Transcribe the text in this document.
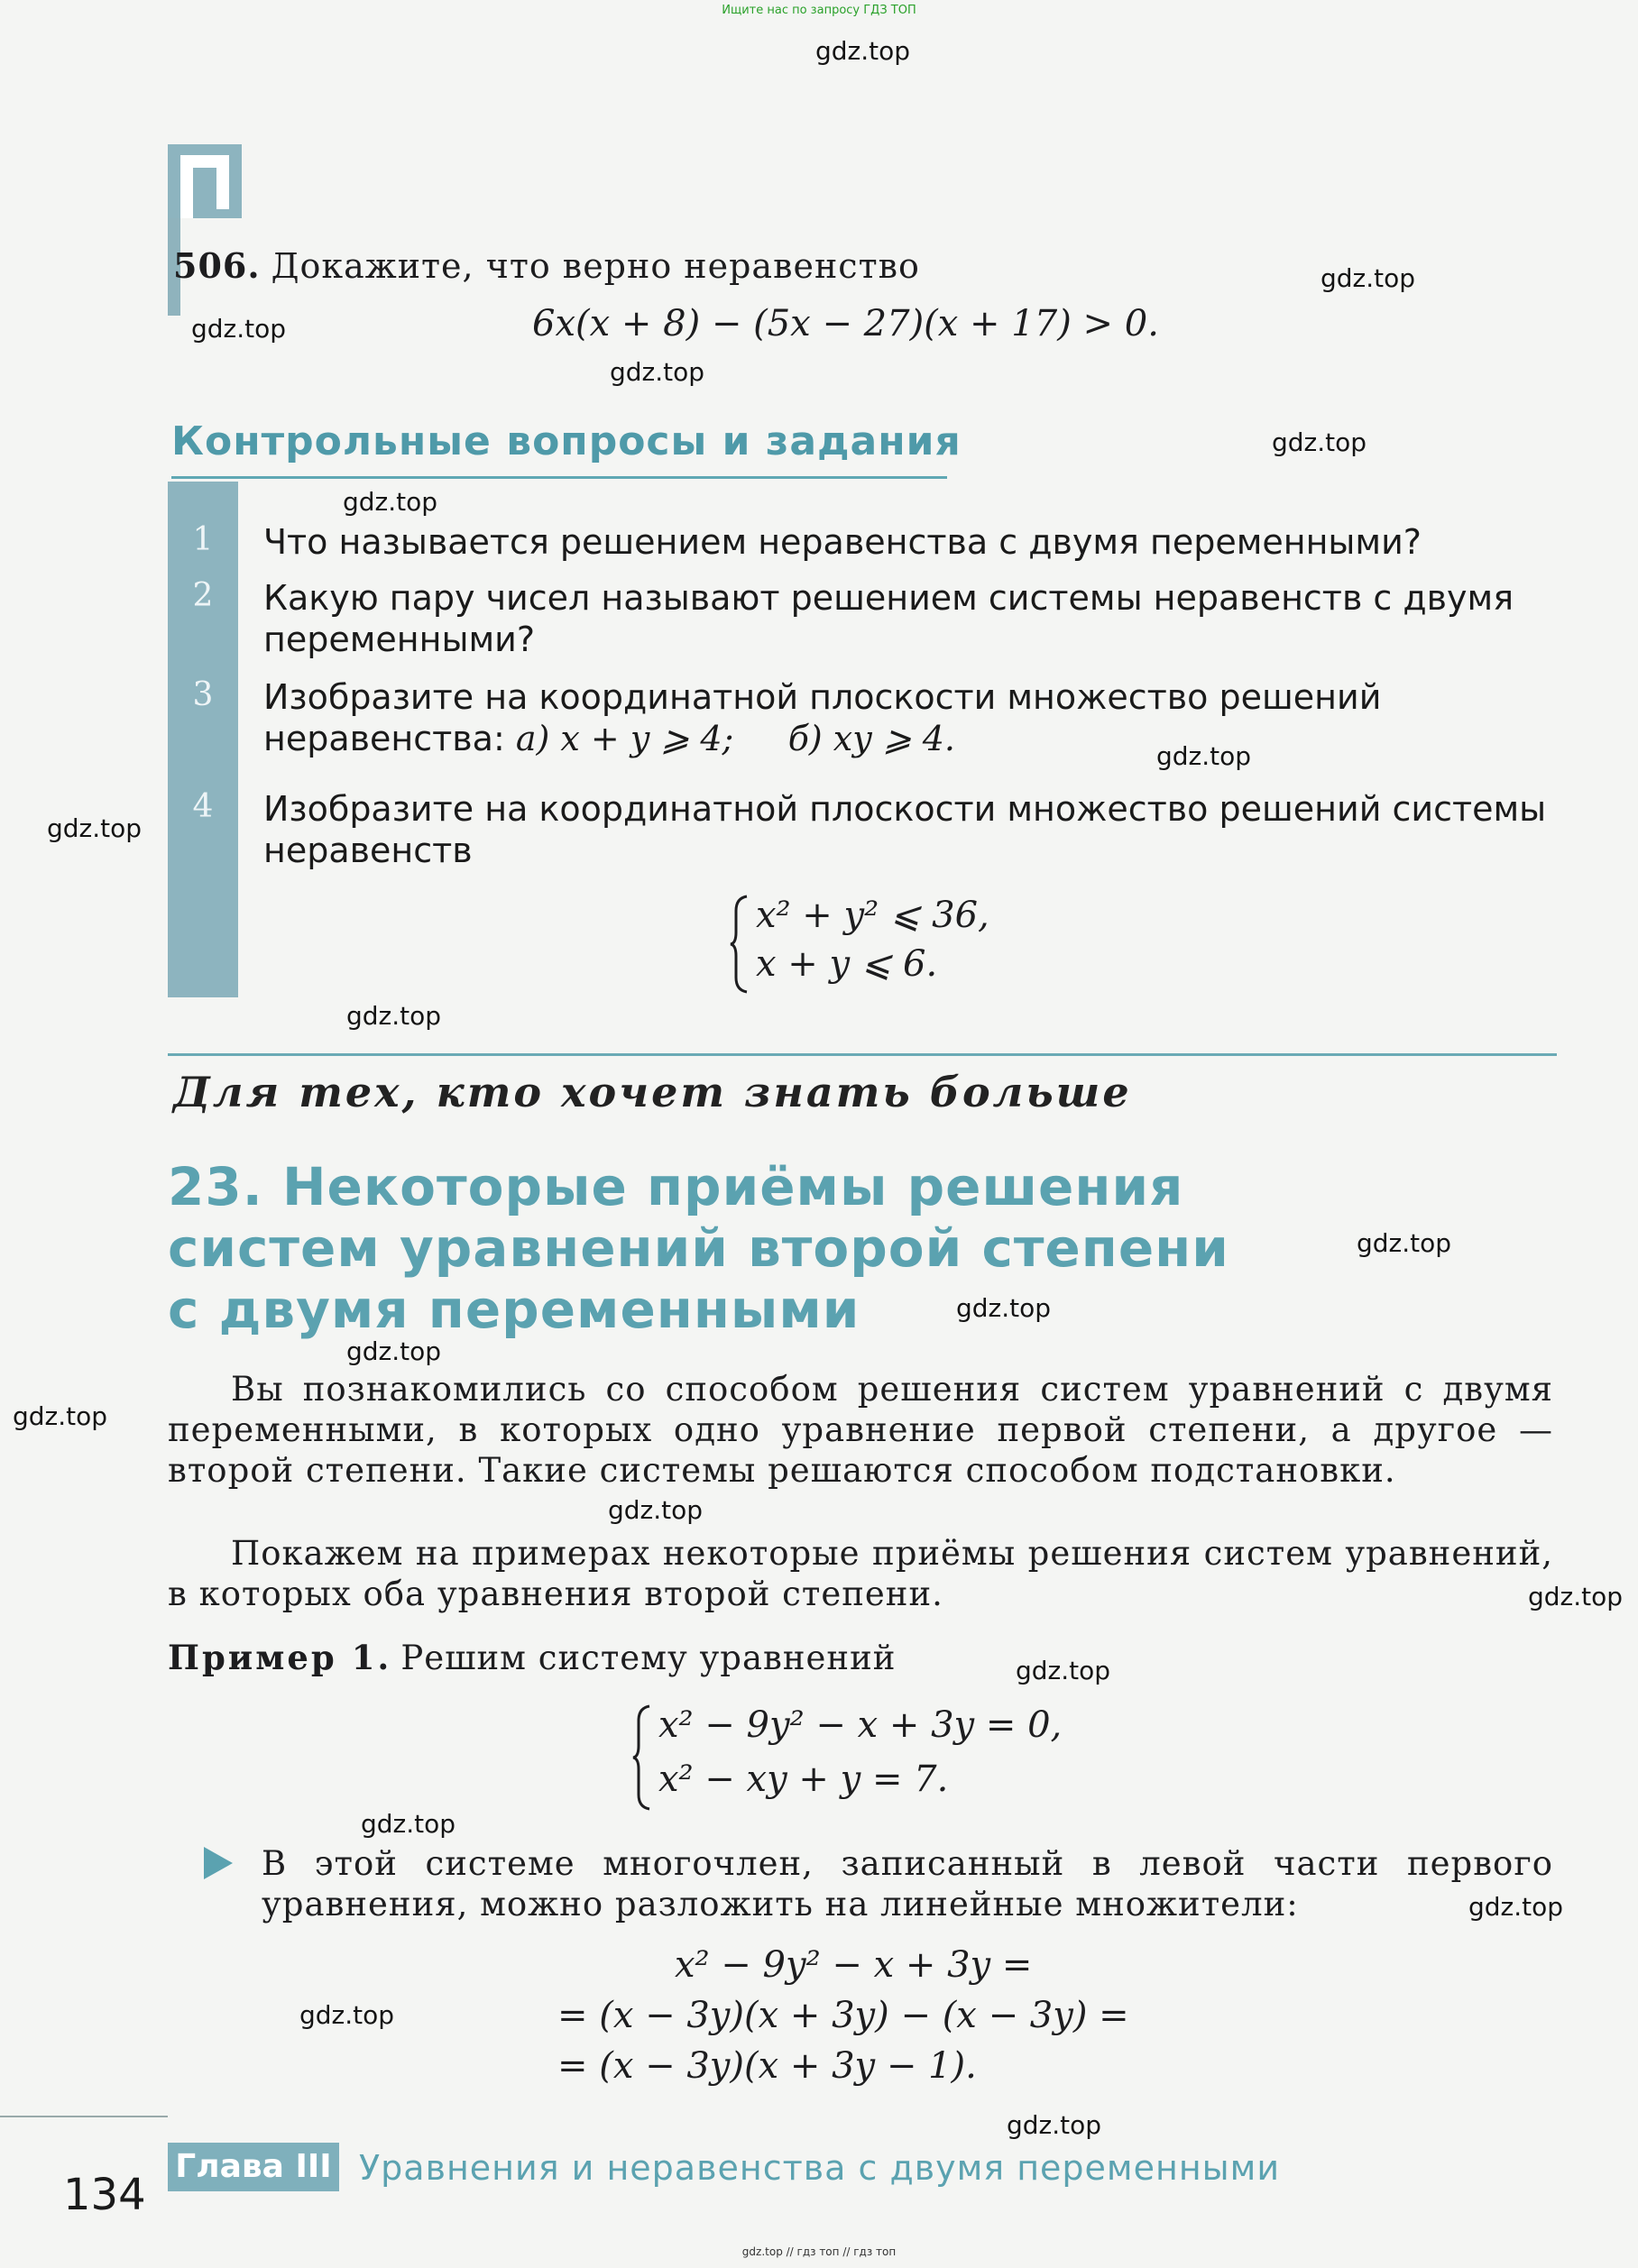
Ищите нас по запросу ГДЗ ТОП
gdz.top // гдз топ // гдз топ
gdz.top
gdz.top
gdz.top
gdz.top
gdz.top
gdz.top
gdz.top
gdz.top
gdz.top
gdz.top
gdz.top
gdz.top
gdz.top
gdz.top
gdz.top
gdz.top
gdz.top
gdz.top
gdz.top
gdz.top
506. Докажите, что верно неравенство
6x(x + 8) − (5x − 27)(x + 17) > 0.
Контрольные вопросы и задания
1
2
3
4
Что называется решением неравенства с двумя переменными?
Какую пару чисел называют решением системы неравенств с двумя переменными?
Изобразите на координатной плоскости множество решений неравенства: а) x + y ⩾ 4; б) xy ⩾ 4.
Изобразите на координатной плоскости множество решений системы неравенств
x² + y² ⩽ 36,
x + y ⩽ 6.
Для тех, кто хочет знать больше
23. Некоторые приёмы решения
систем уравнений второй степени
с двумя переменными
Вы познакомились со способом решения систем уравнений с двумя переменными, в которых одно уравнение первой степени, а другое — второй степени. Такие системы решаются способом подстановки.
Покажем на примерах некоторые приёмы решения систем уравнений, в которых оба уравнения второй степени.
Пример 1. Решим систему уравнений
x² − 9y² − x + 3y = 0,
x² − xy + y = 7.
В этой системе многочлен, записанный в левой части первого уравнения, можно разложить на линейные множители:
x² − 9y² − x + 3y =
= (x − 3y)(x + 3y) − (x − 3y) =
= (x − 3y)(x + 3y − 1).
Глава III Уравнения и неравенства с двумя переменными
134
